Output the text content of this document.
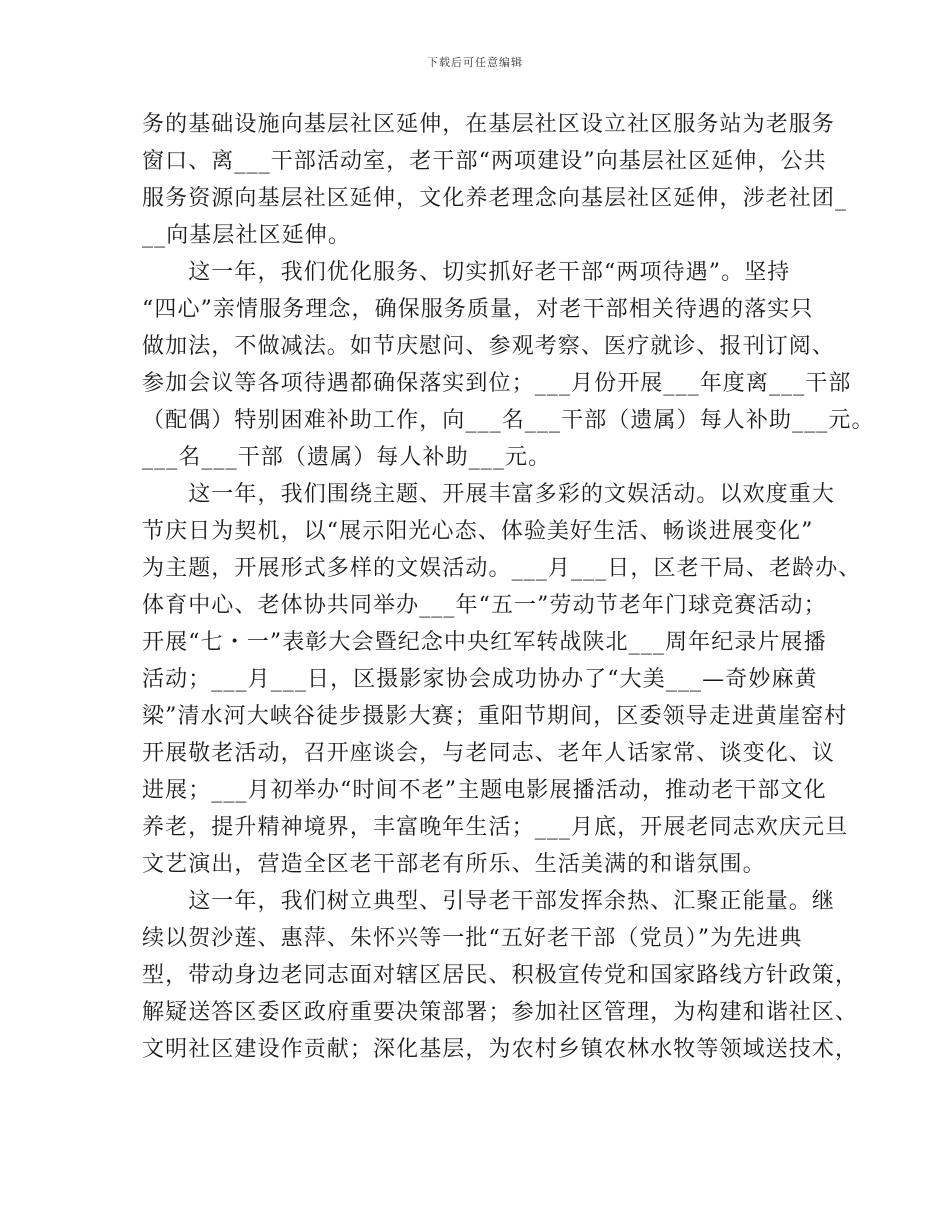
下载后可任意编辑
务的基础设施向基层社区延伸，在基层社区设立社区服务站为老服务
窗口、离___干部活动室，老干部“两项建设”向基层社区延伸，公共
服务资源向基层社区延伸，文化养老理念向基层社区延伸，涉老社团_
__向基层社区延伸。
　　这一年，我们优化服务、切实抓好老干部“两项待遇”。坚持
“四心”亲情服务理念，确保服务质量，对老干部相关待遇的落实只
做加法，不做减法。如节庆慰问、参观考察、医疗就诊、报刊订阅、
参加会议等各项待遇都确保落实到位；___月份开展___年度离___干部
（配偶）特别困难补助工作，向___名___干部（遗属）每人补助___元。
___名___干部（遗属）每人补助___元。
　　这一年，我们围绕主题、开展丰富多彩的文娱活动。以欢度重大
节庆日为契机，以“展示阳光心态、体验美好生活、畅谈进展变化”
为主题，开展形式多样的文娱活动。___月___日，区老干局、老龄办、
体育中心、老体协共同举办___年“五一”劳动节老年门球竞赛活动；
开展“七・一”表彰大会暨纪念中央红军转战陕北___周年纪录片展播
活动；___月___日，区摄影家协会成功协办了“大美___—奇妙麻黄
梁”清水河大峡谷徒步摄影大赛；重阳节期间，区委领导走进黄崖窑村
开展敬老活动，召开座谈会，与老同志、老年人话家常、谈变化、议
进展；___月初举办“时间不老”主题电影展播活动，推动老干部文化
养老，提升精神境界，丰富晚年生活；___月底，开展老同志欢庆元旦
文艺演出，营造全区老干部老有所乐、生活美满的和谐氛围。
　　这一年，我们树立典型、引导老干部发挥余热、汇聚正能量。继
续以贺沙莲、惠萍、朱怀兴等一批“五好老干部（党员）”为先进典
型，带动身边老同志面对辖区居民、积极宣传党和国家路线方针政策，
解疑送答区委区政府重要决策部署；参加社区管理，为构建和谐社区、
文明社区建设作贡献；深化基层，为农村乡镇农林水牧等领域送技术，
